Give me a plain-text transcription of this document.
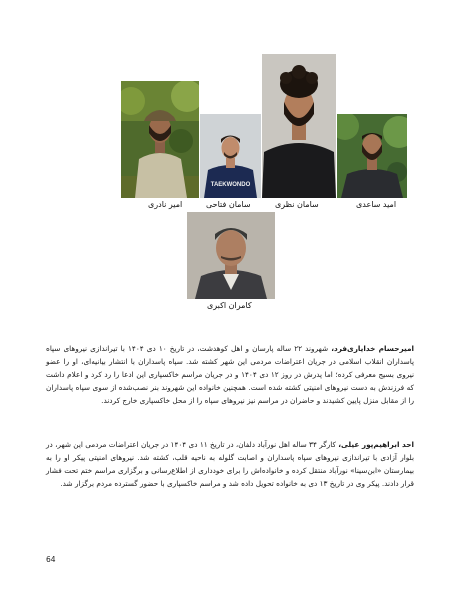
امیر نادری
TAEKWONDO
سامان فتاحی	سامان نظری	امید ساعدی
کامران اکبری
امیرحسام خدایاری‌فرد، شهروند ۲۲ ساله پارسان و اهل کوهدشت، در تاریخ ۱۰ دی ۱۴۰۴ با تیراندازی نیروهای سپاه پاسداران انقلاب اسلامی در جریان اعتراضات مردمی این شهر کشته شد. سپاه پاسداران با انتشار بیانیه‌ای، او را عضو نیروی بسیج معرفی کرده؛ اما پدرش در روز ۱۲ دی ۱۴۰۴ و در جریان مراسم خاکسپاری این ادعا را رد کرد و اعلام داشت که فرزندش به دست نیروهای امنیتی کشته شده است. همچنین خانواده این شهروند بنر نصب‌شده از سوی سپاه پاسداران را از مقابل منزل پایین کشیدند و حاضران در مراسم نیز نیروهای سپاه را از محل خاکسپاری خارج کردند.
احد ابراهیم‌پور عیلی، کارگر ۳۴ ساله اهل نورآباد دلفان، در تاریخ ۱۱ دی ۱۴۰۴ در جریان اعتراضات مردمی این شهر، در بلوار آزادی با تیراندازی نیروهای سپاه پاسداران و اصابت گلوله به ناحیه قلب، کشته شد. نیروهای امنیتی پیکر او را به بیمارستان «ابن‌سینا» نورآباد منتقل کرده و خانواده‌اش را برای خودداری از اطلاع‌رسانی و برگزاری مراسم ختم تحت فشار قرار دادند. پیکر وی در تاریخ ۱۳ دی به خانواده تحویل داده شد و مراسم خاکسپاری با حضور گسترده مردم برگزار شد.
64
